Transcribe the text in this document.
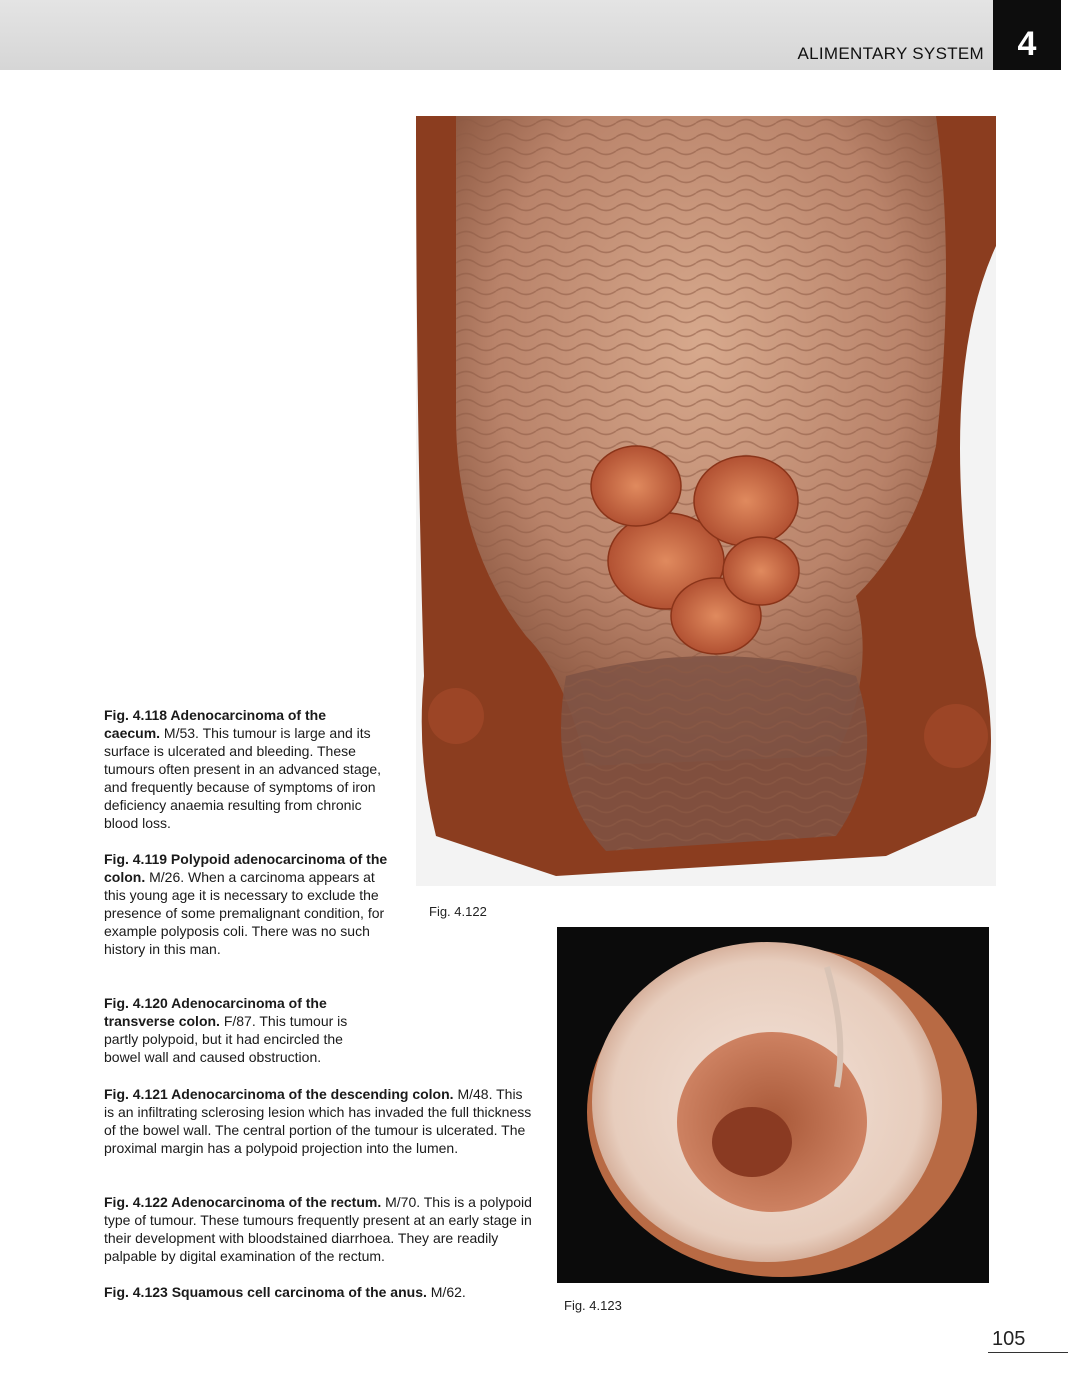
ALIMENTARY SYSTEM 4
Fig. 4.122
Fig. 4.123
Fig. 4.118 Adenocarcinoma of the caecum. M/53. This tumour is large and its surface is ulcerated and bleeding. These tumours often present in an advanced stage, and frequently because of symptoms of iron deficiency anaemia resulting from chronic blood loss.
Fig. 4.119 Polypoid adenocarcinoma of the colon. M/26. When a carcinoma appears at this young age it is necessary to exclude the presence of some premalignant condition, for example polyposis coli. There was no such history in this man.
Fig. 4.120 Adenocarcinoma of the transverse colon. F/87. This tumour is partly polypoid, but it had encircled the bowel wall and caused obstruction.
Fig. 4.121 Adenocarcinoma of the descending colon. M/48. This is an infiltrating sclerosing lesion which has invaded the full thickness of the bowel wall. The central portion of the tumour is ulcerated. The proximal margin has a polypoid projection into the lumen.
Fig. 4.122 Adenocarcinoma of the rectum. M/70. This is a polypoid type of tumour. These tumours frequently present at an early stage in their development with bloodstained diarrhoea. They are readily palpable by digital examination of the rectum.
Fig. 4.123 Squamous cell carcinoma of the anus. M/62.
105
